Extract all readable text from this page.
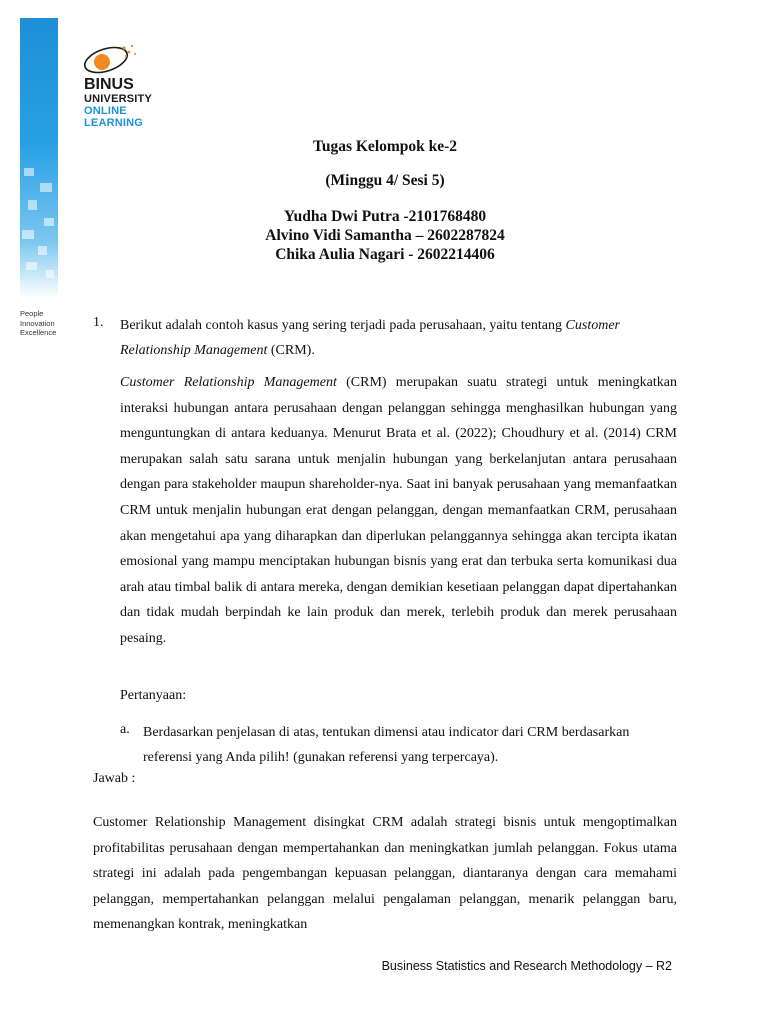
People
Innovation
Excellence
BINUS
UNIVERSITY
ONLINE
LEARNING
Tugas Kelompok ke-2
(Minggu 4/ Sesi 5)
Yudha Dwi Putra -2101768480
Alvino Vidi Samantha – 2602287824
Chika Aulia Nagari - 2602214406
1. Berikut adalah contoh kasus yang sering terjadi pada perusahaan, yaitu tentang Customer Relationship Management (CRM).

Customer Relationship Management (CRM) merupakan suatu strategi untuk meningkatkan interaksi hubungan antara perusahaan dengan pelanggan sehingga menghasilkan hubungan yang menguntungkan di antara keduanya. Menurut Brata et al. (2022); Choudhury et al. (2014) CRM merupakan salah satu sarana untuk menjalin hubungan yang berkelanjutan antara perusahaan dengan para stakeholder maupun shareholder-nya. Saat ini banyak perusahaan yang memanfaatkan CRM untuk menjalin hubungan erat dengan pelanggan, dengan memanfaatkan CRM, perusahaan akan mengetahui apa yang diharapkan dan diperlukan pelanggannya sehingga akan tercipta ikatan emosional yang mampu menciptakan hubungan bisnis yang erat dan terbuka serta komunikasi dua arah atau timbal balik di antara mereka, dengan demikian kesetiaan pelanggan dapat dipertahankan dan tidak mudah berpindah ke lain produk dan merek, terlebih produk dan merek perusahaan pesaing.

Pertanyaan:
a. Berdasarkan penjelasan di atas, tentukan dimensi atau indicator dari CRM berdasarkan referensi yang Anda pilih! (gunakan referensi yang terpercaya).

Jawab :

Customer Relationship Management disingkat CRM adalah strategi bisnis untuk mengoptimalkan profitabilitas perusahaan dengan mempertahankan dan meningkatkan jumlah pelanggan. Fokus utama strategi ini adalah pada pengembangan kepuasan pelanggan, diantaranya dengan cara memahami pelanggan, mempertahankan pelanggan melalui pengalaman pelanggan, menarik pelanggan baru, memenangkan kontrak, meningkatkan

Business Statistics and Research Methodology – R2
